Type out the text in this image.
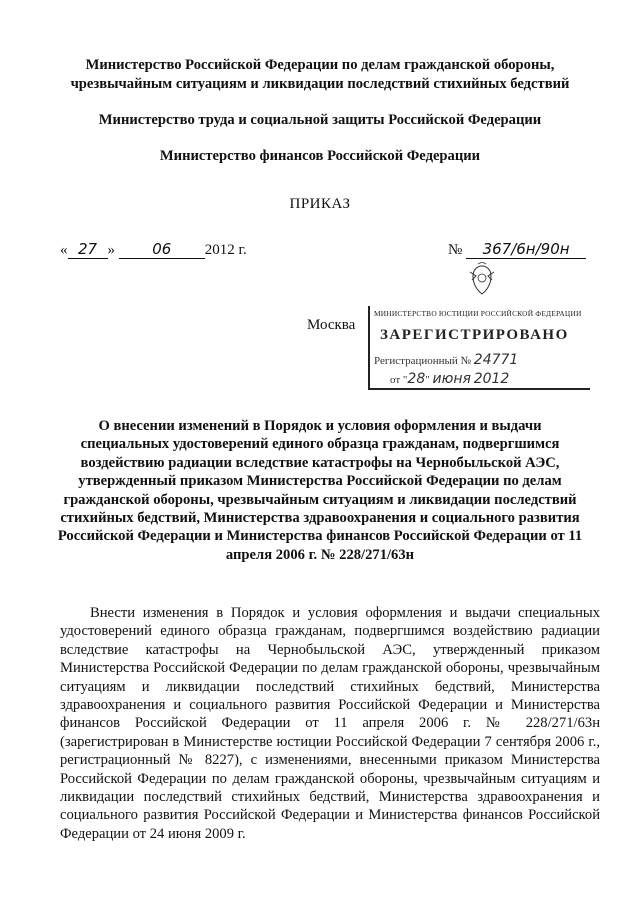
Министерство Российской Федерации по делам гражданской обороны, чрезвычайным ситуациям и ликвидации последствий стихийных бедствий
Министерство труда и социальной защиты Российской Федерации
Министерство финансов Российской Федерации
ПРИКАЗ
« 27 » 06 2012 г.	№ 367/6н/90н
Москва
МИНИСТЕРСТВО ЮСТИЦИИ РОССИЙСКОЙ ФЕДЕРАЦИИ
ЗАРЕГИСТРИРОВАНО
Регистрационный № 24771
от "28" июня 2012
О внесении изменений в Порядок и условия оформления и выдачи специальных удостоверений единого образца гражданам, подвергшимся воздействию радиации вследствие катастрофы на Чернобыльской АЭС, утвержденный приказом Министерства Российской Федерации по делам гражданской обороны, чрезвычайным ситуациям и ликвидации последствий стихийных бедствий, Министерства здравоохранения и социального развития Российской Федерации и Министерства финансов Российской Федерации от 11 апреля 2006 г. № 228/271/63н
Внести изменения в Порядок и условия оформления и выдачи специальных удостоверений единого образца гражданам, подвергшимся воздействию радиации вследствие катастрофы на Чернобыльской АЭС, утвержденный приказом Министерства Российской Федерации по делам гражданской обороны, чрезвычайным ситуациям и ликвидации последствий стихийных бедствий, Министерства здравоохранения и социального развития Российской Федерации и Министерства финансов Российской Федерации от 11 апреля 2006 г. № 228/271/63н (зарегистрирован в Министерстве юстиции Российской Федерации 7 сентября 2006 г., регистрационный № 8227), с изменениями, внесенными приказом Министерства Российской Федерации по делам гражданской обороны, чрезвычайным ситуациям и ликвидации последствий стихийных бедствий, Министерства здравоохранения и социального развития Российской Федерации и Министерства финансов Российской Федерации от 24 июня 2009 г.
